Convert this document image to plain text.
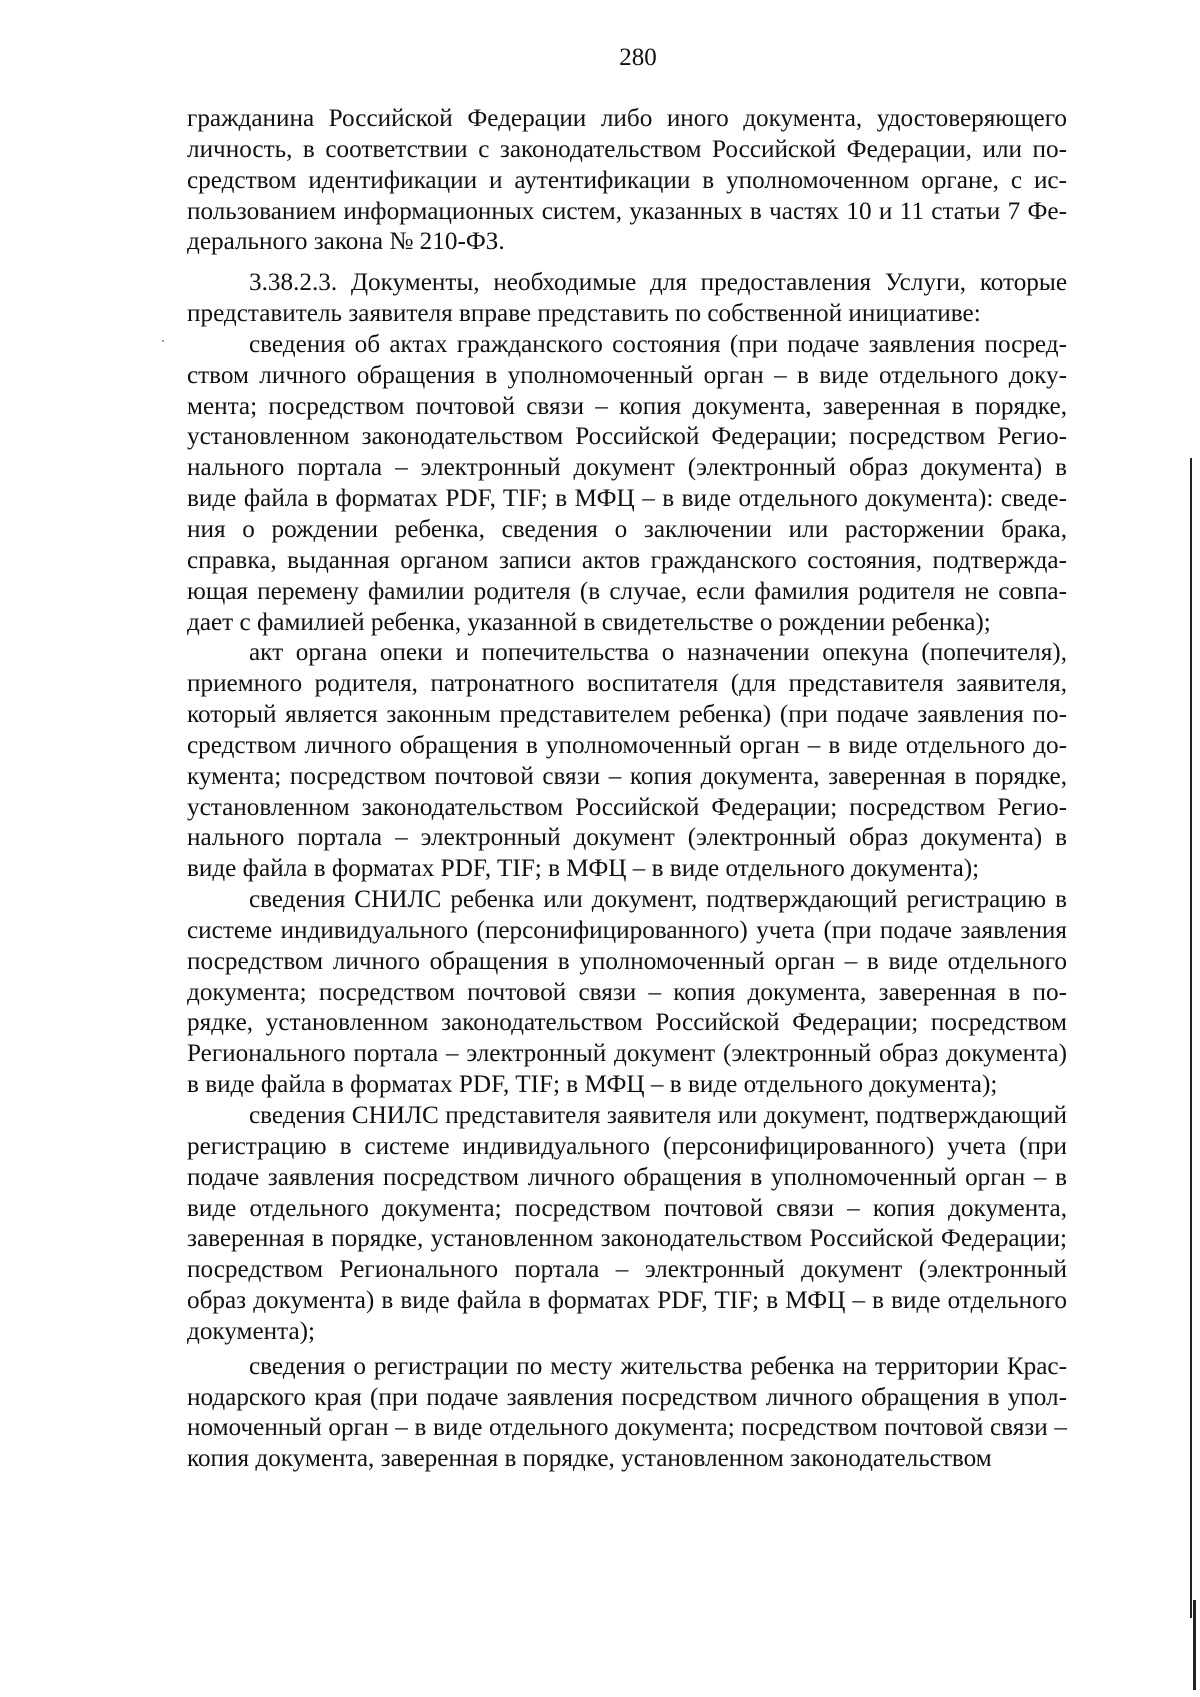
280

гражданина Российской Федерации либо иного документа, удостоверяющего личность, в соответствии с законодательством Российской Федерации, или посредством идентификации и аутентификации в уполномоченном органе, с использованием информационных систем, указанных в частях 10 и 11 статьи 7 Федерального закона № 210-ФЗ.

3.38.2.3. Документы, необходимые для предоставления Услуги, которые представитель заявителя вправе представить по собственной инициативе:

сведения об актах гражданского состояния (при подаче заявления посредством личного обращения в уполномоченный орган – в виде отдельного документа; посредством почтовой связи – копия документа, заверенная в порядке, установленном законодательством Российской Федерации; посредством Регионального портала – электронный документ (электронный образ документа) в виде файла в форматах PDF, TIF; в МФЦ – в виде отдельного документа): сведения о рождении ребенка, сведения о заключении или расторжении брака, справка, выданная органом записи актов гражданского состояния, подтверждающая перемену фамилии родителя (в случае, если фамилия родителя не совпадает с фамилией ребенка, указанной в свидетельстве о рождении ребенка);

акт органа опеки и попечительства о назначении опекуна (попечителя), приемного родителя, патронатного воспитателя (для представителя заявителя, который является законным представителем ребенка) (при подаче заявления посредством личного обращения в уполномоченный орган – в виде отдельного документа; посредством почтовой связи – копия документа, заверенная в порядке, установленном законодательством Российской Федерации; посредством Регионального портала – электронный документ (электронный образ документа) в виде файла в форматах PDF, TIF; в МФЦ – в виде отдельного документа);

сведения СНИЛС ребенка или документ, подтверждающий регистрацию в системе индивидуального (персонифицированного) учета (при подаче заявления посредством личного обращения в уполномоченный орган – в виде отдельного документа; посредством почтовой связи – копия документа, заверенная в порядке, установленном законодательством Российской Федерации; посредством Регионального портала – электронный документ (электронный образ документа) в виде файла в форматах PDF, TIF; в МФЦ – в виде отдельного документа);

сведения СНИЛС представителя заявителя или документ, подтверждающий регистрацию в системе индивидуального (персонифицированного) учета (при подаче заявления посредством личного обращения в уполномоченный орган – в виде отдельного документа; посредством почтовой связи – копия документа, заверенная в порядке, установленном законодательством Российской Федерации; посредством Регионального портала – электронный документ (электронный образ документа) в виде файла в форматах PDF, TIF; в МФЦ – в виде отдельного документа);

сведения о регистрации по месту жительства ребенка на территории Краснодарского края (при подаче заявления посредством личного обращения в уполномоченный орган – в виде отдельного документа; посредством почтовой связи – копия документа, заверенная в порядке, установленном законодательством
